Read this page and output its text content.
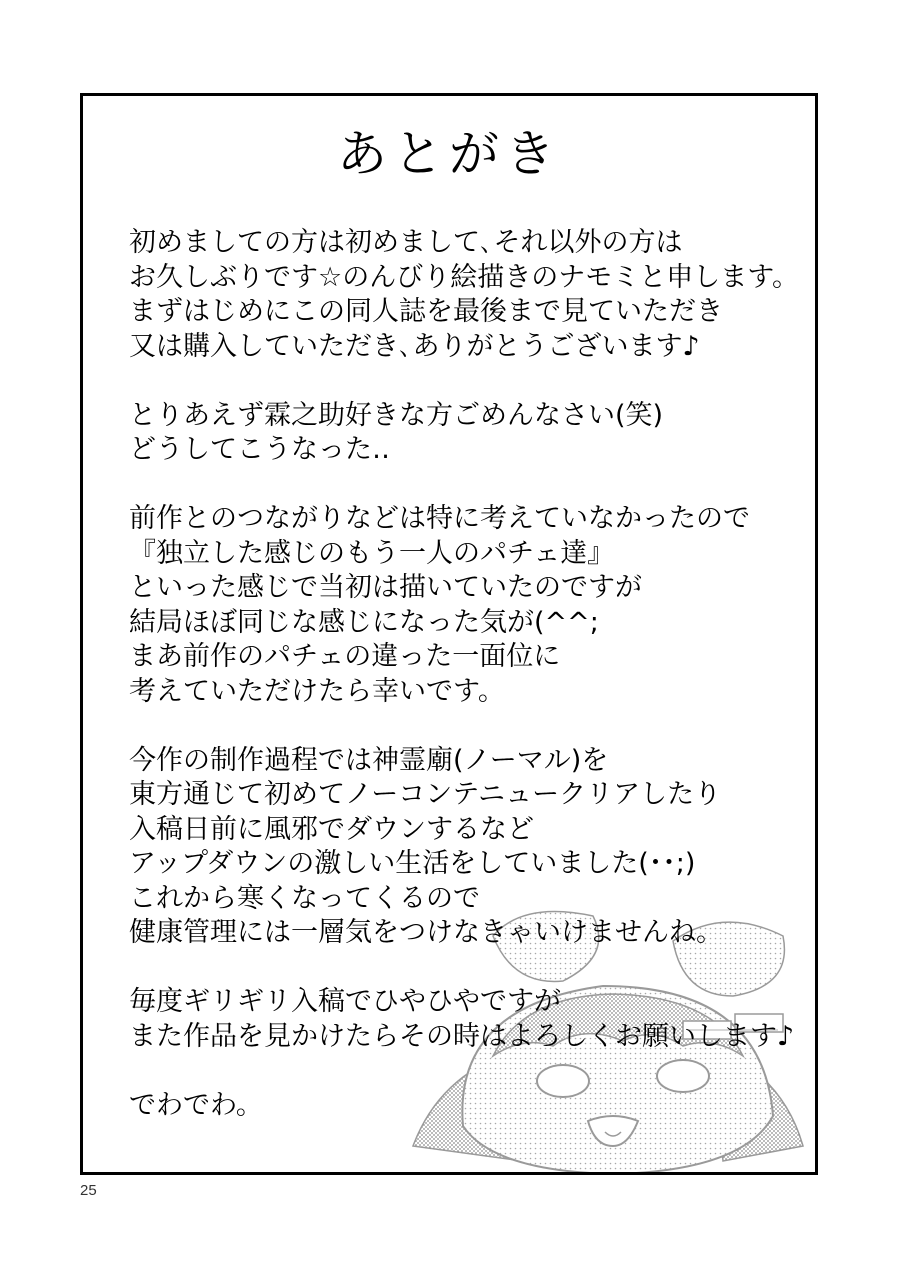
あとがき

初めましての方は初めまして､それ以外の方は
お久しぶりです☆のんびり絵描きのナモミと申します。
まずはじめにこの同人誌を最後まで見ていただき
又は購入していただき､ありがとうございます♪

とりあえず霖之助好きな方ごめんなさい(笑)
どうしてこうなった‥

前作とのつながりなどは特に考えていなかったので
『独立した感じのもう一人のパチェ達』
といった感じで当初は描いていたのですが
結局ほぼ同じな感じになった気が(^^;
まあ前作のパチェの違った一面位に
考えていただけたら幸いです。

今作の制作過程では神霊廟(ノーマル)を
東方通じて初めてノーコンテニュークリアしたり
入稿日前に風邪でダウンするなど
アップダウンの激しい生活をしていました(･･;)
これから寒くなってくるので
健康管理には一層気をつけなきゃいけませんね。

毎度ギリギリ入稿でひやひやですが
また作品を見かけたらその時はよろしくお願いします♪

でわでわ。

25
